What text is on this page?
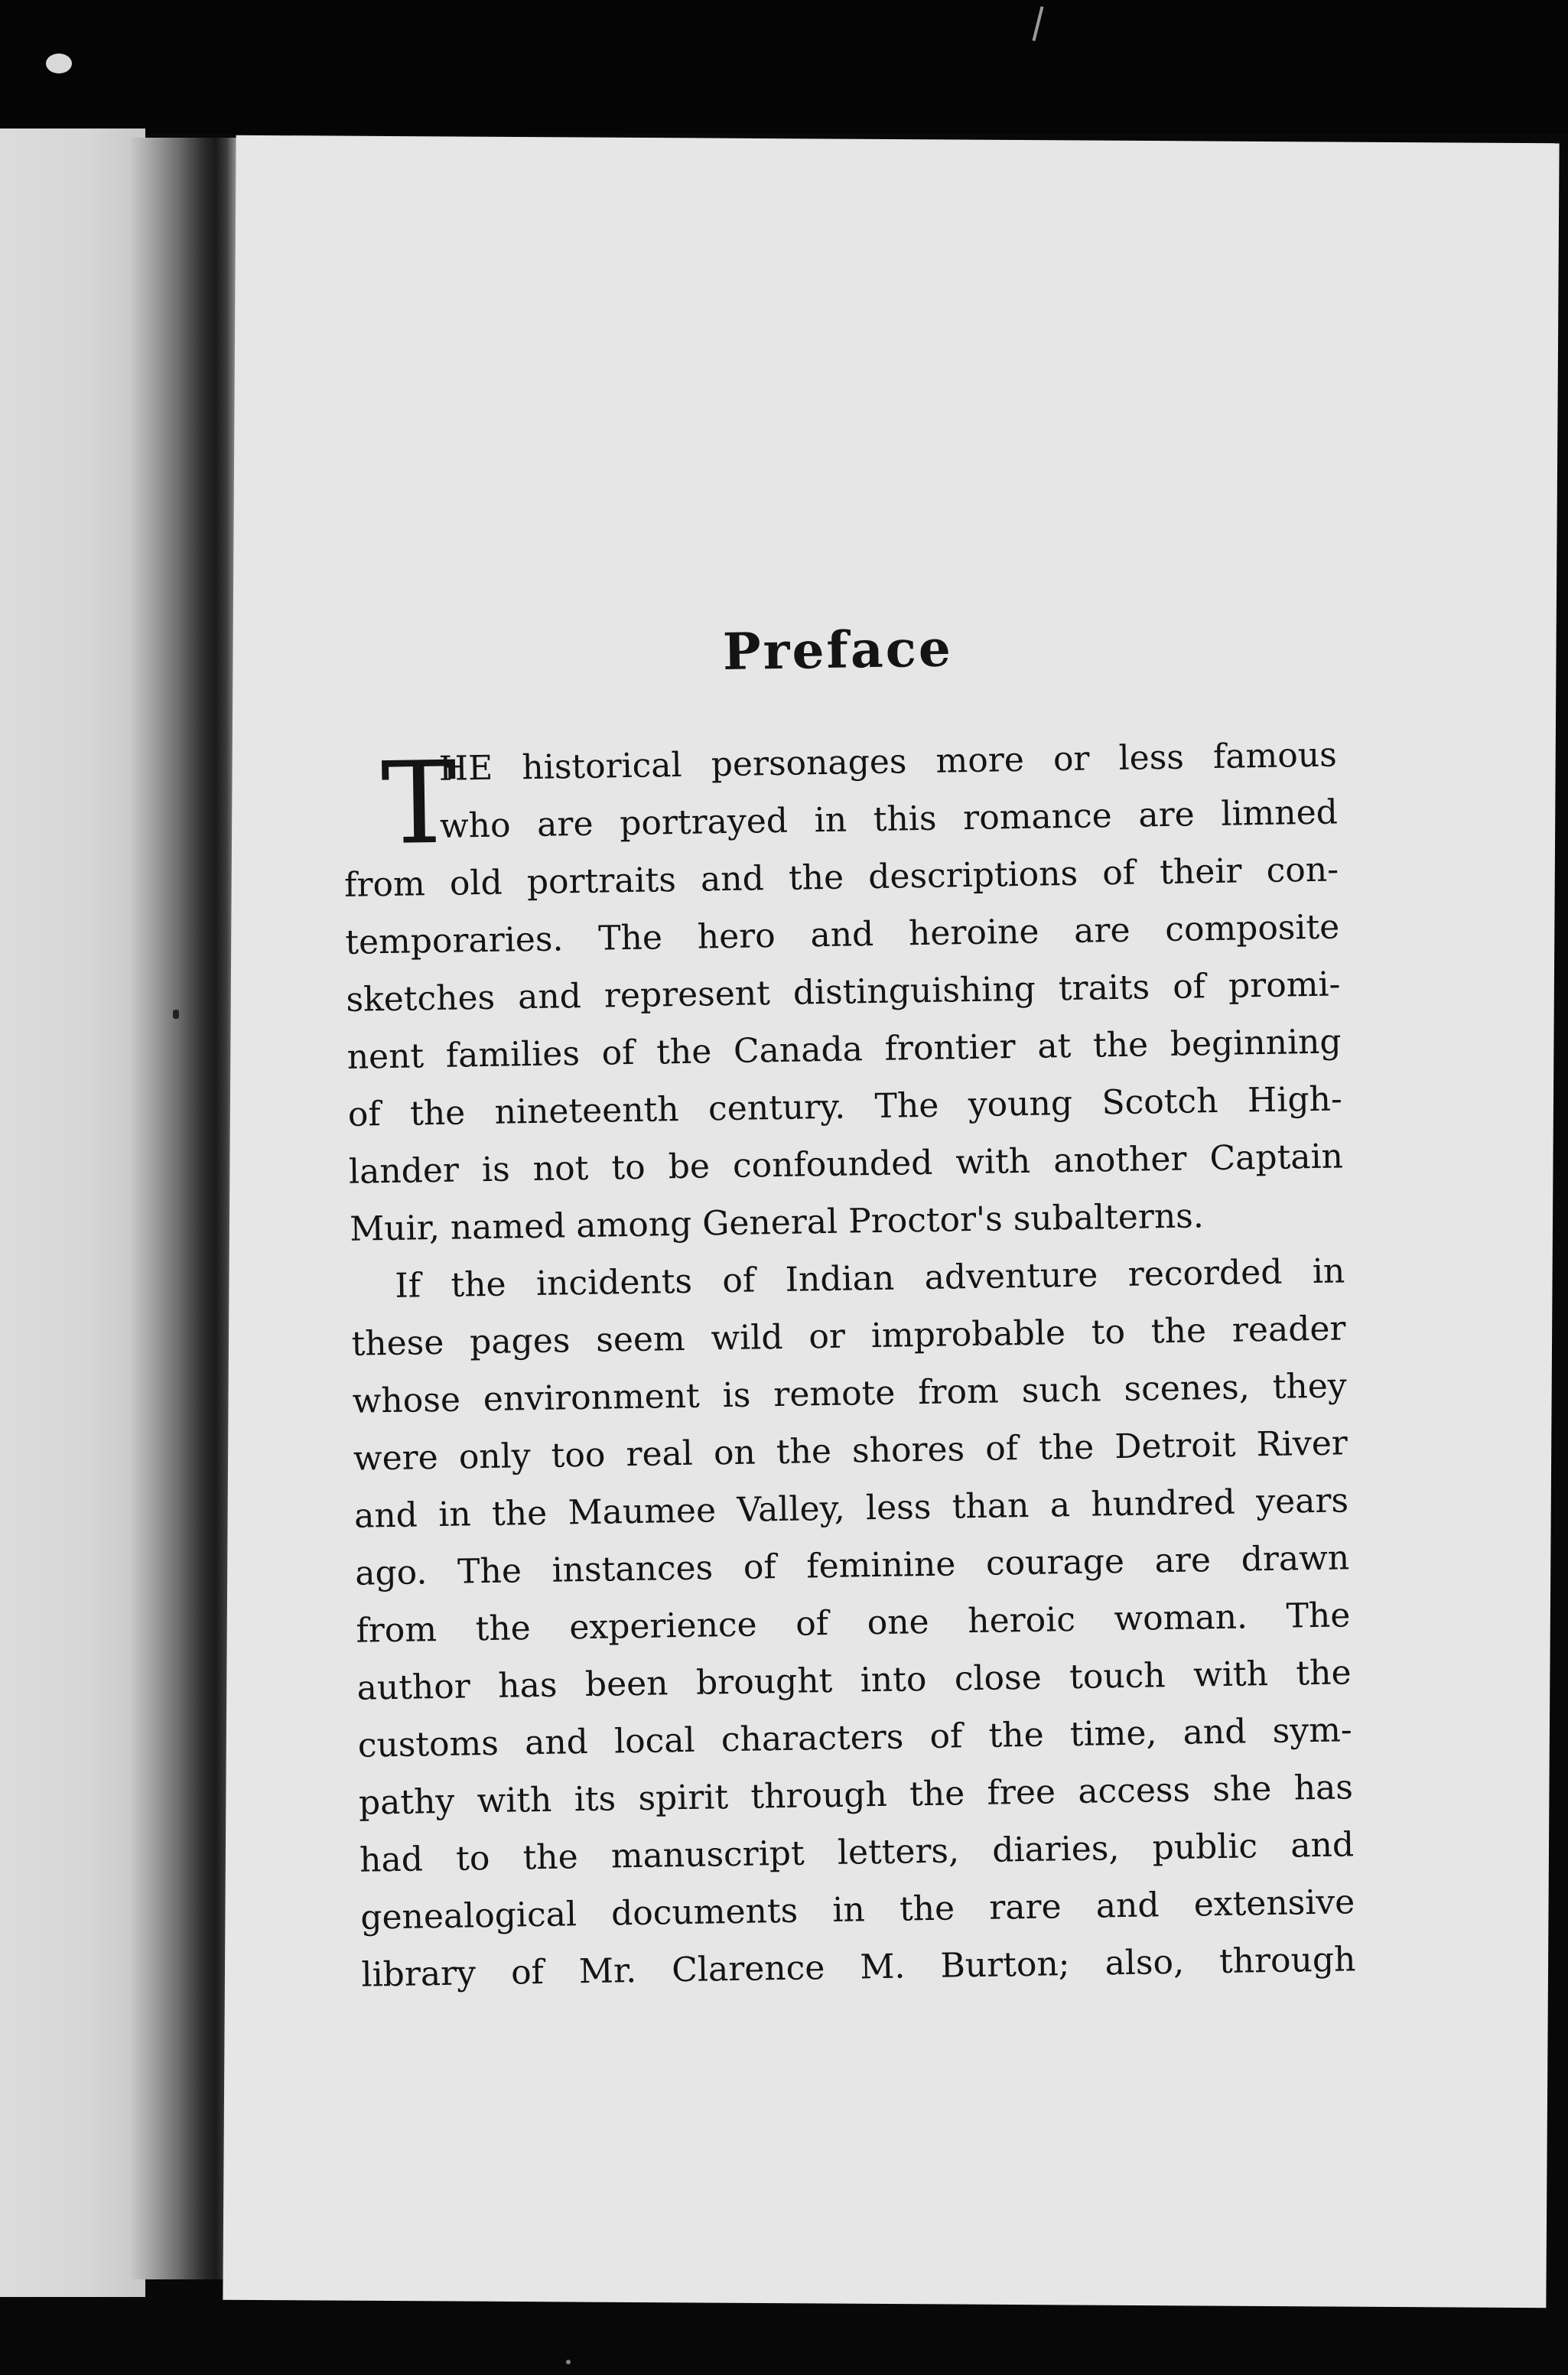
Preface
T
HE historical personages more or less famous
who are portrayed in this romance are limned
from old portraits and the descriptions of their con-
temporaries. The hero and heroine are composite
sketches and represent distinguishing traits of promi-
nent families of the Canada frontier at the beginning
of the nineteenth century. The young Scotch High-
lander is not to be confounded with another Captain
Muir, named among General Proctor's subalterns.
If the incidents of Indian adventure recorded in
these pages seem wild or improbable to the reader
whose environment is remote from such scenes, they
were only too real on the shores of the Detroit River
and in the Maumee Valley, less than a hundred years
ago. The instances of feminine courage are drawn
from the experience of one heroic woman. The
author has been brought into close touch with the
customs and local characters of the time, and sym-
pathy with its spirit through the free access she has
had to the manuscript letters, diaries, public and
genealogical documents in the rare and extensive
library of Mr. Clarence M. Burton; also, through
